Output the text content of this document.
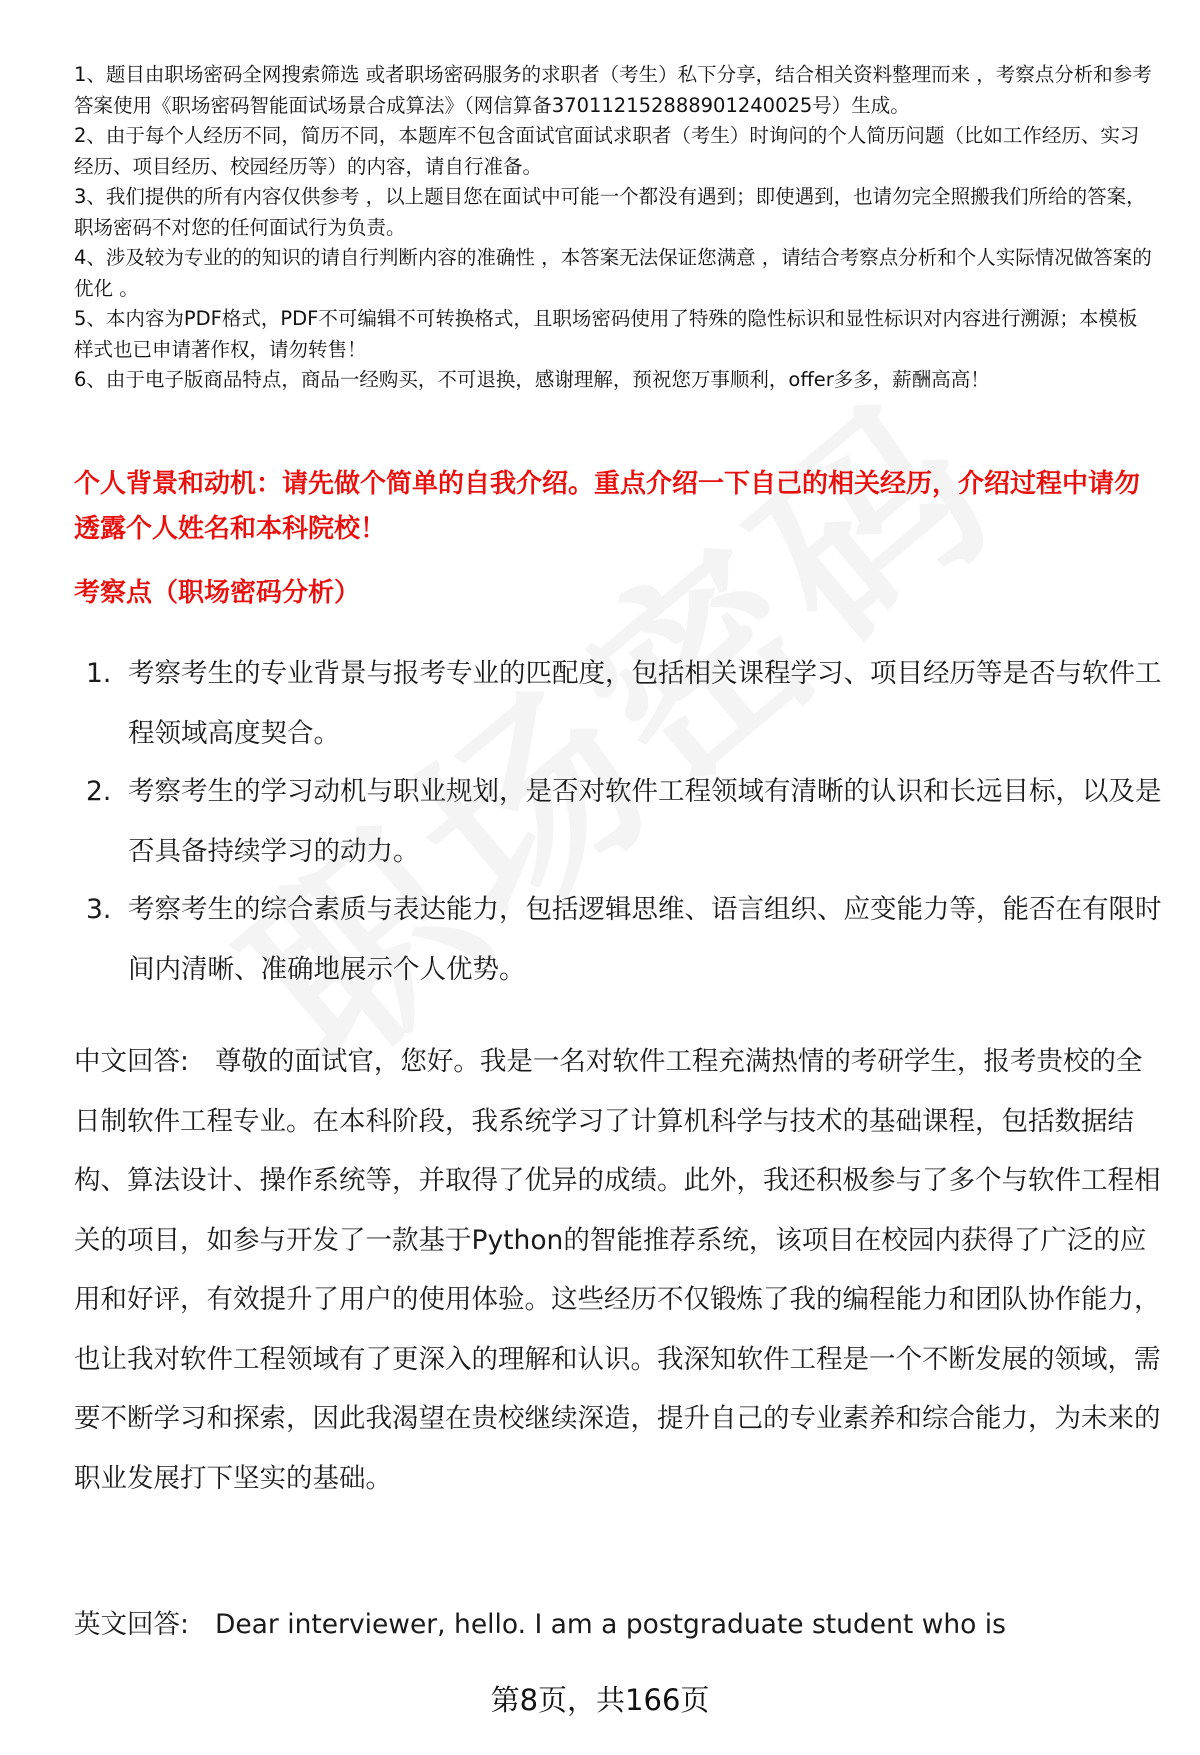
1、题目由职场密码全网搜索筛选 或者职场密码服务的求职者（考生）私下分享，结合相关资料整理而来 ，考察点分析和参考答案使用《职场密码智能面试场景合成算法》（网信算备370112152888901240025号）生成。
2、由于每个人经历不同，简历不同，本题库不包含面试官面试求职者（考生）时询问的个人简历问题（比如工作经历、实习经历、项目经历、校园经历等）的内容，请自行准备。
3、我们提供的所有内容仅供参考 ，以上题目您在面试中可能一个都没有遇到；即使遇到，也请勿完全照搬我们所给的答案，职场密码不对您的任何面试行为负责。
4、涉及较为专业的的知识的请自行判断内容的准确性 ，本答案无法保证您满意 ，请结合考察点分析和个人实际情况做答案的优化 。
5、本内容为PDF格式，PDF不可编辑不可转换格式，且职场密码使用了特殊的隐性标识和显性标识对内容进行溯源；本模板样式也已申请著作权，请勿转售！
6、由于电子版商品特点，商品一经购买，不可退换，感谢理解，预祝您万事顺利，offer多多，薪酬高高！
个人背景和动机：请先做个简单的自我介绍。重点介绍一下自己的相关经历，介绍过程中请勿透露个人姓名和本科院校！
考察点（职场密码分析）
1. 考察考生的专业背景与报考专业的匹配度，包括相关课程学习、项目经历等是否与软件工程领域高度契合。
2. 考察考生的学习动机与职业规划，是否对软件工程领域有清晰的认识和长远目标，以及是否具备持续学习的动力。
3. 考察考生的综合素质与表达能力，包括逻辑思维、语言组织、应变能力等，能否在有限时间内清晰、准确地展示个人优势。

中文回答: 尊敬的面试官，您好。我是一名对软件工程充满热情的考研学生，报考贵校的全日制软件工程专业。在本科阶段，我系统学习了计算机科学与技术的基础课程，包括数据结构、算法设计、操作系统等，并取得了优异的成绩。此外，我还积极参与了多个与软件工程相关的项目，如参与开发了一款基于Python的智能推荐系统，该项目在校园内获得了广泛的应用和好评，有效提升了用户的使用体验。这些经历不仅锻炼了我的编程能力和团队协作能力，也让我对软件工程领域有了更深入的理解和认识。我深知软件工程是一个不断发展的领域，需要不断学习和探索，因此我渴望在贵校继续深造，提升自己的专业素养和综合能力，为未来的职业发展打下坚实的基础。

英文回答: Dear interviewer, hello. I am a postgraduate student who is

第8页，共166页
